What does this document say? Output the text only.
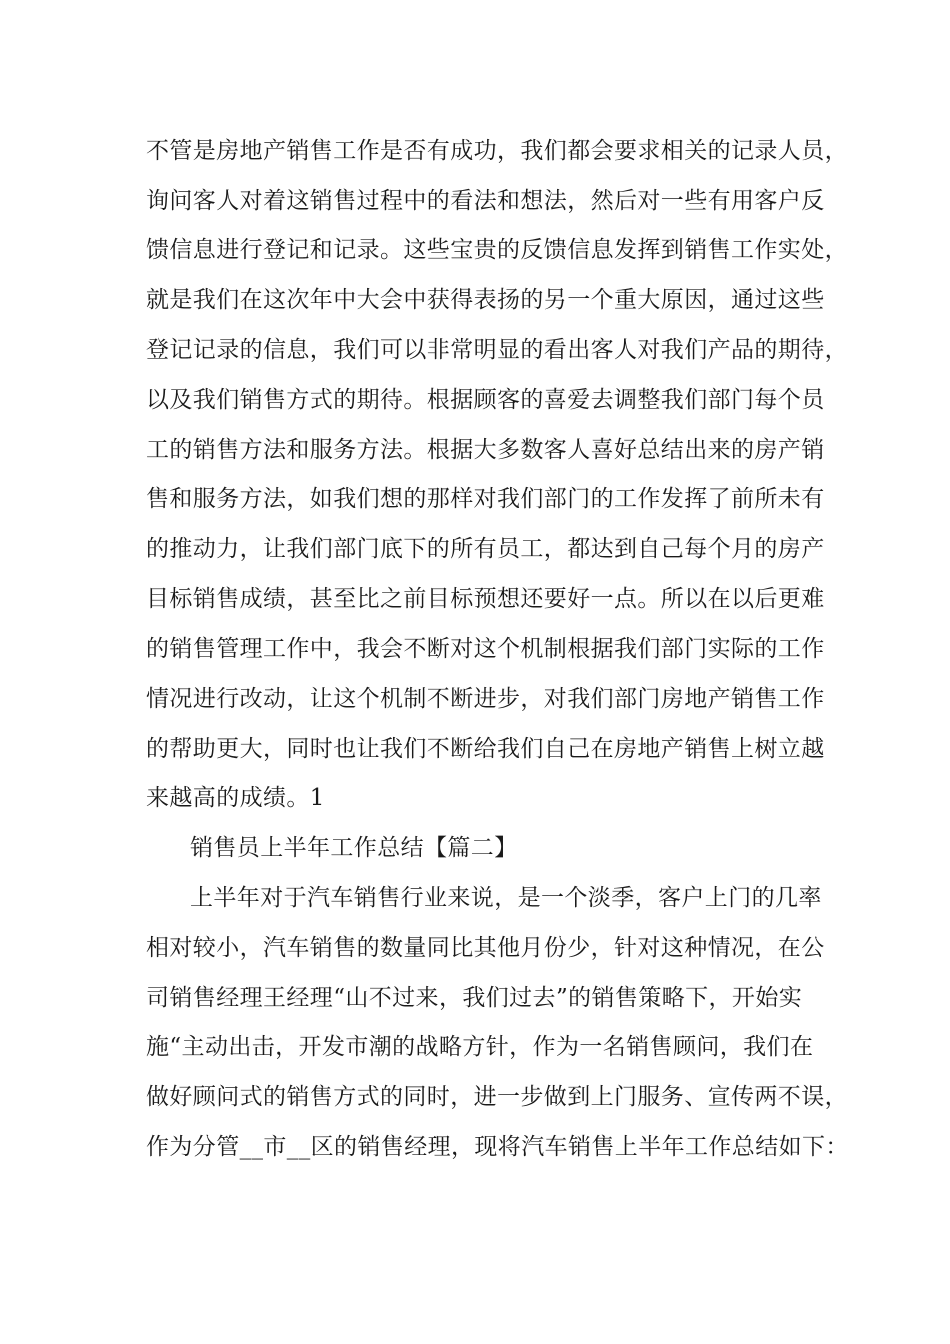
不管是房地产销售工作是否有成功，我们都会要求相关的记录人员，
询问客人对着这销售过程中的看法和想法，然后对一些有用客户反
馈信息进行登记和记录。这些宝贵的反馈信息发挥到销售工作实处，
就是我们在这次年中大会中获得表扬的另一个重大原因，通过这些
登记记录的信息，我们可以非常明显的看出客人对我们产品的期待，
以及我们销售方式的期待。根据顾客的喜爱去调整我们部门每个员
工的销售方法和服务方法。根据大多数客人喜好总结出来的房产销
售和服务方法，如我们想的那样对我们部门的工作发挥了前所未有
的推动力，让我们部门底下的所有员工，都达到自己每个月的房产
目标销售成绩，甚至比之前目标预想还要好一点。所以在以后更难
的销售管理工作中，我会不断对这个机制根据我们部门实际的工作
情况进行改动，让这个机制不断进步，对我们部门房地产销售工作
的帮助更大，同时也让我们不断给我们自己在房地产销售上树立越
来越高的成绩。1
销售员上半年工作总结【篇二】
上半年对于汽车销售行业来说，是一个淡季，客户上门的几率
相对较小，汽车销售的数量同比其他月份少，针对这种情况，在公
司销售经理王经理“山不过来，我们过去”的销售策略下，开始实
施“主动出击，开发市潮的战略方针，作为一名销售顾问，我们在
做好顾问式的销售方式的同时，进一步做到上门服务、宣传两不误，
作为分管__市__区的销售经理，现将汽车销售上半年工作总结如下：
